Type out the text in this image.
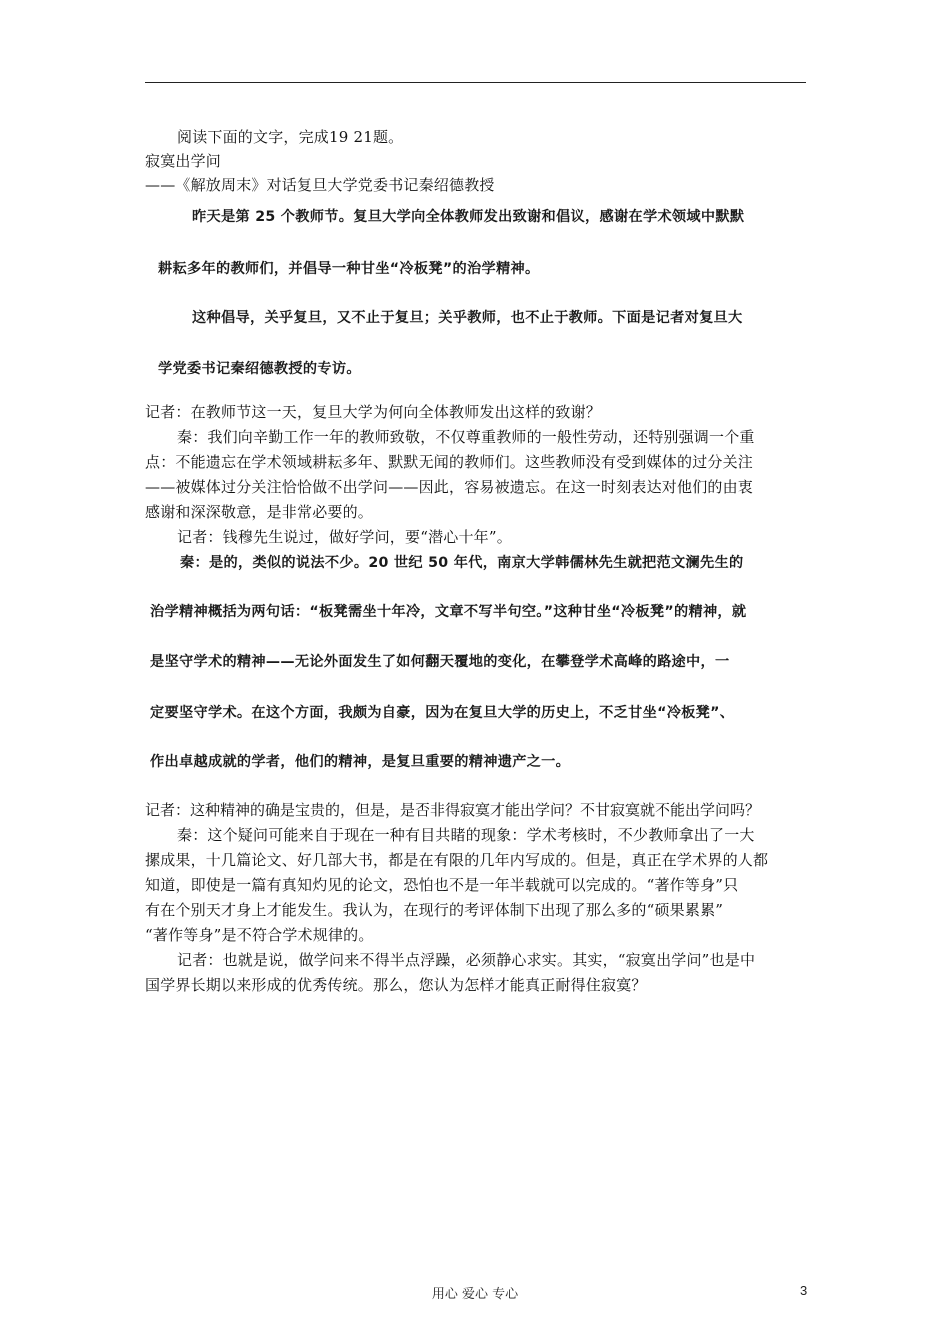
阅读下面的文字，完成19 21题。
寂寞出学问
——《解放周末》对话复旦大学党委书记秦绍德教授
昨天是第 25 个教师节。复旦大学向全体教师发出致谢和倡议，感谢在学术领域中默默
耕耘多年的教师们，并倡导一种甘坐“冷板凳”的治学精神。
这种倡导，关乎复旦，又不止于复旦；关乎教师，也不止于教师。下面是记者对复旦大
学党委书记秦绍德教授的专访。
记者：在教师节这一天，复旦大学为何向全体教师发出这样的致谢？
秦：我们向辛勤工作一年的教师致敬，不仅尊重教师的一般性劳动，还特别强调一个重
点：不能遗忘在学术领域耕耘多年、默默无闻的教师们。这些教师没有受到媒体的过分关注
——被媒体过分关注恰恰做不出学问——因此，容易被遗忘。在这一时刻表达对他们的由衷
感谢和深深敬意，是非常必要的。
记者：钱穆先生说过，做好学问，要“潜心十年”。
秦：是的，类似的说法不少。20 世纪 50 年代，南京大学韩儒林先生就把范文澜先生的
治学精神概括为两句话：“板凳需坐十年冷，文章不写半句空。”这种甘坐“冷板凳”的精神，就
是坚守学术的精神——无论外面发生了如何翻天覆地的变化，在攀登学术高峰的路途中，一
定要坚守学术。在这个方面，我颇为自豪，因为在复旦大学的历史上，不乏甘坐“冷板凳”、
作出卓越成就的学者，他们的精神，是复旦重要的精神遗产之一。
记者：这种精神的确是宝贵的，但是，是否非得寂寞才能出学问？不甘寂寞就不能出学问吗？
秦：这个疑问可能来自于现在一种有目共睹的现象：学术考核时，不少教师拿出了一大
摞成果，十几篇论文、好几部大书，都是在有限的几年内写成的。但是，真正在学术界的人都
知道，即使是一篇有真知灼见的论文，恐怕也不是一年半载就可以完成的。“著作等身”只
有在个别天才身上才能发生。我认为，在现行的考评体制下出现了那么多的“硕果累累”
“著作等身”是不符合学术规律的。
记者：也就是说，做学问来不得半点浮躁，必须静心求实。其实，“寂寞出学问”也是中
国学界长期以来形成的优秀传统。那么，您认为怎样才能真正耐得住寂寞？
用心 爱心 专心	3
